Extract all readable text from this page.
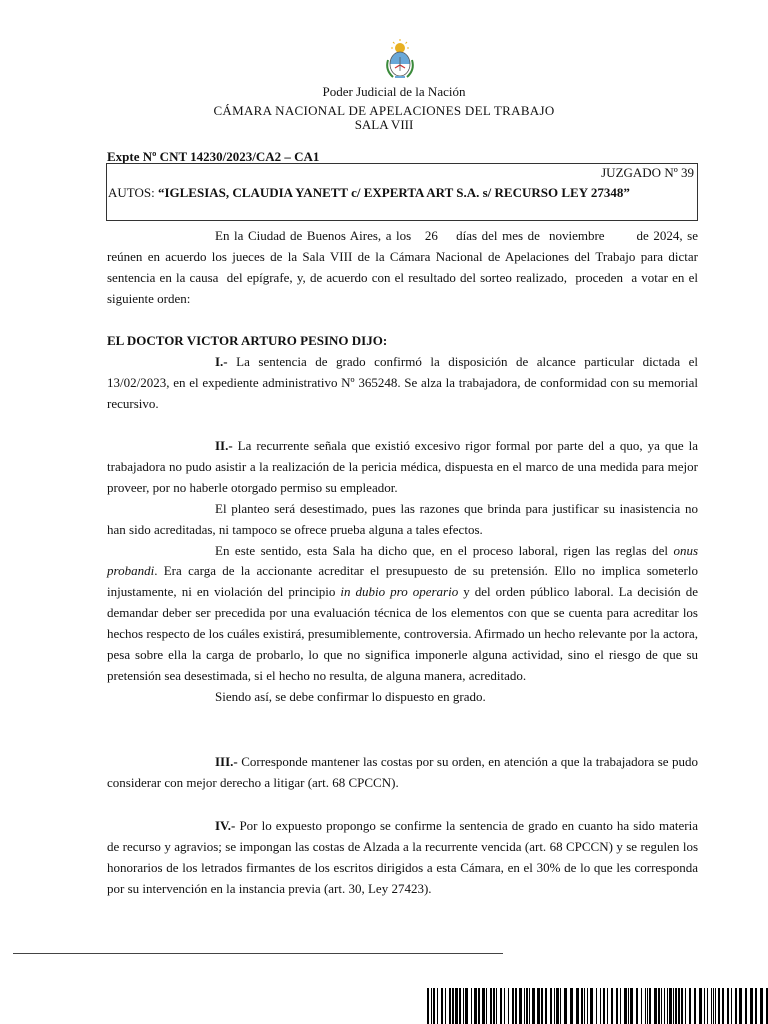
Poder Judicial de la Nación
CÁMARA NACIONAL DE APELACIONES DEL TRABAJO
SALA VIII
Expte Nº CNT 14230/2023/CA2 – CA1
JUZGADO Nº 39
AUTOS: “IGLESIAS, CLAUDIA YANETT c/ EXPERTA ART S.A. s/ RECURSO LEY 27348”

En la Ciudad de Buenos Aires, a los   26    días del mes de  noviembre       de 2024, se reúnen en acuerdo los jueces de la Sala VIII de la Cámara Nacional de Apelaciones del Trabajo para dictar sentencia en la causa  del epígrafe, y, de acuerdo con el resultado del sorteo realizado,  proceden  a votar en el  siguiente orden:

EL DOCTOR VICTOR ARTURO PESINO DIJO:

I.- La sentencia de grado confirmó la disposición de alcance particular dictada el 13/02/2023, en el expediente administrativo Nº 365248. Se alza la trabajadora, de conformidad con su memorial recursivo.

II.- La recurrente señala que existió excesivo rigor formal por parte del a quo, ya que la trabajadora no pudo asistir a la realización de la pericia médica, dispuesta en el marco de una medida para mejor proveer, por no haberle otorgado permiso su empleador.

El planteo será desestimado, pues las razones que brinda para justificar su inasistencia no han sido acreditadas, ni tampoco se ofrece prueba alguna a tales efectos.

En este sentido, esta Sala ha dicho que, en el proceso laboral, rigen las reglas del onus probandi. Era carga de la accionante acreditar el presupuesto de su pretensión. Ello no implica someterlo injustamente, ni en violación del principio in dubio pro operario y del orden público laboral. La decisión de demandar deber ser precedida por una evaluación técnica de los elementos con que se cuenta para acreditar los hechos respecto de los cuáles existirá, presumiblemente, controversia. Afirmado un hecho relevante por la actora, pesa sobre ella la carga de probarlo, lo que no significa imponerle alguna actividad, sino el riesgo de que su pretensión sea desestimada, si el hecho no resulta, de alguna manera, acreditado.

Siendo así, se debe confirmar lo dispuesto en grado.

III.- Corresponde mantener las costas por su orden, en atención a que la trabajadora se pudo considerar con mejor derecho a litigar (art. 68 CPCCN).

IV.- Por lo expuesto propongo se confirme la sentencia de grado en cuanto ha sido materia de recurso y agravios; se impongan las costas de Alzada a la recurrente vencida (art. 68 CPCCN) y se regulen los honorarios de los letrados firmantes de los escritos dirigidos a esta Cámara, en el 30% de lo que les corresponda por su intervención en la instancia previa (art. 30, Ley 27423).
